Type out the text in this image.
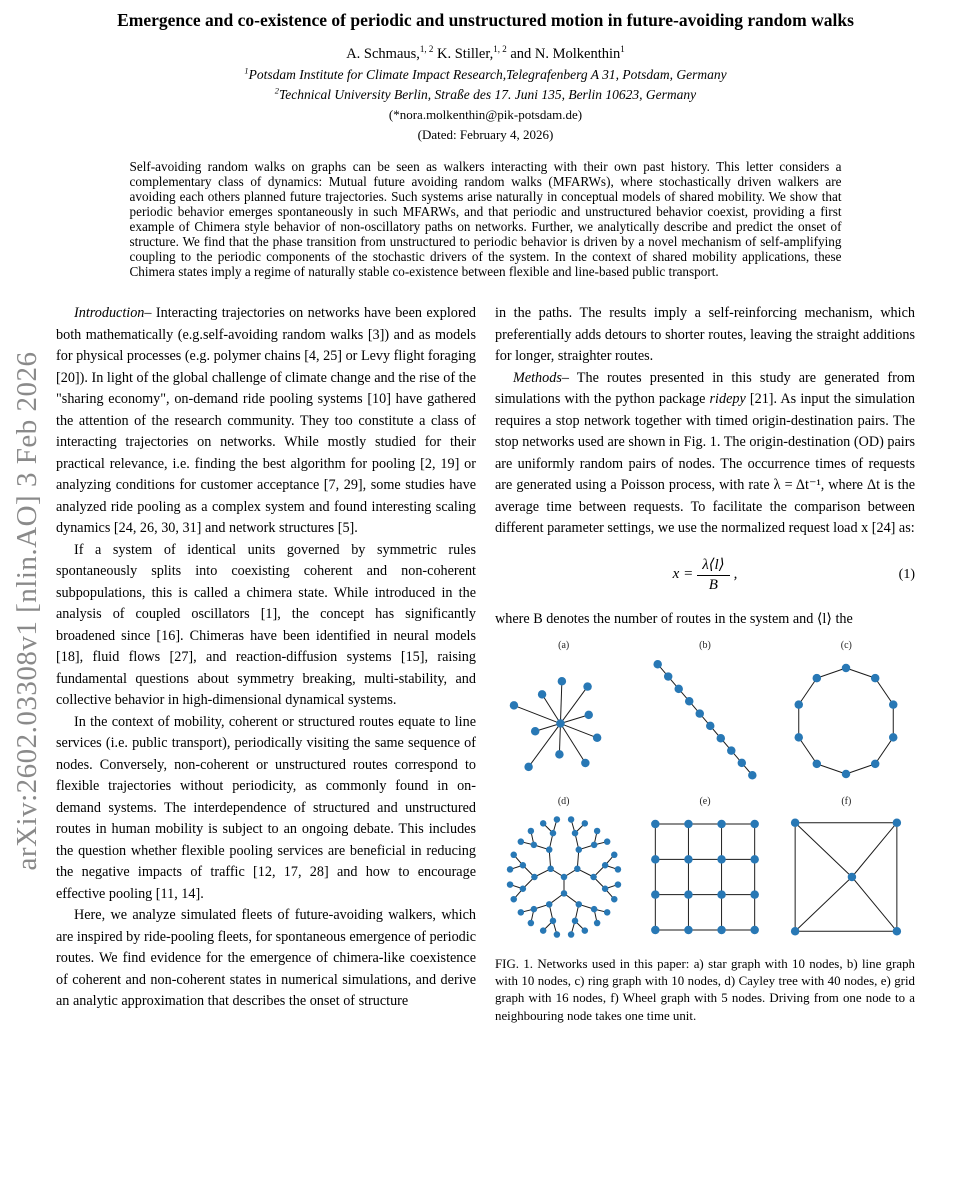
arXiv:2602.03308v1 [nlin.AO] 3 Feb 2026
Emergence and co-existence of periodic and unstructured motion in future-avoiding random walks
A. Schmaus,$^{1, 2}$ K. Stiller,$^{1, 2}$ and N. Molkenthin$^1$
$^1$Potsdam Institute for Climate Impact Research,Telegrafenberg A 31, Potsdam, Germany
$^2$Technical University Berlin, Straße des 17. Juni 135, Berlin 10623, Germany
(*nora.molkenthin@pik-potsdam.de)
(Dated: February 4, 2026)
Self-avoiding random walks on graphs can be seen as walkers interacting with their own past history. This letter considers a complementary class of dynamics: Mutual future avoiding random walks (MFARWs), where stochastically driven walkers are avoiding each others planned future trajectories. Such systems arise naturally in conceptual models of shared mobility. We show that periodic behavior emerges spontaneously in such MFARWs, and that periodic and unstructured behavior coexist, providing a first example of Chimera style behavior of non-oscillatory paths on networks. Further, we analytically describe and predict the onset of structure. We find that the phase transition from unstructured to periodic behavior is driven by a novel mechanism of self-amplifying coupling to the periodic components of the stochastic drivers of the system. In the context of shared mobility applications, these Chimera states imply a regime of naturally stable co-existence between flexible and line-based public transport.

Introduction– Interacting trajectories on networks have been explored both mathematically (e.g.self-avoiding random walks [3]) and as models for physical processes (e.g. polymer chains [4, 25] or Levy flight foraging [20]). In light of the global challenge of climate change and the rise of the "sharing economy", on-demand ride pooling systems [10] have gathered the attention of the research community. They too constitute a class of interacting trajectories on networks. While mostly studied for their practical relevance, i.e. finding the best algorithm for pooling [2, 19] or analyzing conditions for customer acceptance [7, 29], some studies have analyzed ride pooling as a complex system and found interesting scaling dynamics [24, 26, 30, 31] and network structures [5].

If a system of identical units governed by symmetric rules spontaneously splits into coexisting coherent and non-coherent subpopulations, this is called a chimera state. While introduced in the analysis of coupled oscillators [1], the concept has significantly broadened since [16]. Chimeras have been identified in neural models [18], fluid flows [27], and reaction-diffusion systems [15], raising fundamental questions about symmetry breaking, multi-stability, and collective behavior in high-dimensional dynamical systems.

In the context of mobility, coherent or structured routes equate to line services (i.e. public transport), periodically visiting the same sequence of nodes. Conversely, non-coherent or unstructured routes correspond to flexible trajectories without periodicity, as commonly found in on-demand systems. The interdependence of structured and unstructured routes in human mobility is subject to an ongoing debate. This includes the question whether flexible pooling services are beneficial in reducing the negative impacts of traffic [12, 17, 28] and how to encourage effective pooling [11, 14].

Here, we analyze simulated fleets of future-avoiding walkers, which are inspired by ride-pooling fleets, for spontaneous emergence of periodic routes. We find evidence for the emergence of chimera-like coexistence of coherent and non-coherent states in numerical simulations, and derive an analytic approximation that describes the onset of structure

in the paths. The results imply a self-reinforcing mechanism, which preferentially adds detours to shorter routes, leaving the straight additions for longer, straighter routes.

Methods– The routes presented in this study are generated from simulations with the python package ridepy [21]. As input the simulation requires a stop network together with timed origin-destination pairs. The stop networks used are shown in Fig. 1. The origin-destination (OD) pairs are uniformly random pairs of nodes. The occurrence times of requests are generated using a Poisson process, with rate λ = Δt⁻¹, where Δt is the average time between requests. To facilitate the comparison between different parameter settings, we use the normalized request load x [24] as:

$x = \frac{\lambda⟨l⟩}{B}$ ,	(1)

where B denotes the number of routes in the system and ⟨l⟩ the

(a)	(b)	(c)
(d)	(e)	(f)
FIG. 1. Networks used in this paper: a) star graph with 10 nodes, b) line graph with 10 nodes, c) ring graph with 10 nodes, d) Cayley tree with 40 nodes, e) grid graph with 16 nodes, f) Wheel graph with 5 nodes. Driving from one node to a neighbouring node takes one time unit.
